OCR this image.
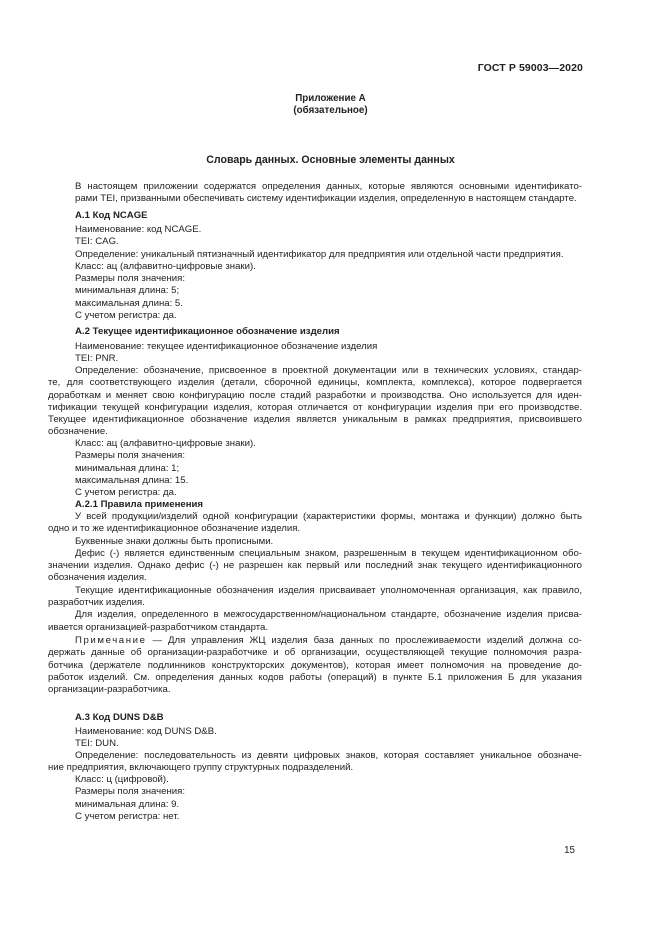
ГОСТ Р 59003—2020
Приложение А
(обязательное)
Словарь данных. Основные элементы данных
В настоящем приложении содержатся определения данных, которые являются основными идентификато-
рами TEI, призванными обеспечивать систему идентификации изделия, определенную в настоящем стандарте.
А.1 Код NCAGE
Наименование: код NCAGE.
TEI: CAG.
Определение: уникальный пятизначный идентификатор для предприятия или отдельной части предприятия.
Класс: ац (алфавитно-цифровые знаки).
Размеры поля значения:
минимальная длина: 5;
максимальная длина: 5.
С учетом регистра: да.
А.2 Текущее идентификационное обозначение изделия
Наименование: текущее идентификационное обозначение изделия
TEI: PNR.
Определение: обозначение, присвоенное в проектной документации или в технических условиях, стандар-
те, для соответствующего изделия (детали, сборочной единицы, комплекта, комплекса), которое подвергается
доработкам и меняет свою конфигурацию после стадий разработки и производства. Оно используется для иден-
тификации текущей конфигурации изделия, которая отличается от конфигурации изделия при его производстве.
Текущее идентификационное обозначение изделия является уникальным в рамках предприятия, присвоившего
обозначение.
Класс: ац (алфавитно-цифровые знаки).
Размеры поля значения:
минимальная длина: 1;
максимальная длина: 15.
С учетом регистра: да.
А.2.1 Правила применения
У всей продукции/изделий одной конфигурации (характеристики формы, монтажа и функции) должно быть
одно и то же идентификационное обозначение изделия.
Буквенные знаки должны быть прописными.
Дефис (-) является единственным специальным знаком, разрешенным в текущем идентификационном обо-
значении изделия. Однако дефис (-) не разрешен как первый или последний знак текущего идентификационного
обозначения изделия.
Текущие идентификационные обозначения изделия присваивает уполномоченная организация, как правило,
разработчик изделия.
Для изделия, определенного в межгосударственном/национальном стандарте, обозначение изделия присва-
ивается организацией-разработчиком стандарта.
Примечание — Для управления ЖЦ изделия база данных по прослеживаемости изделий должна со-
держать данные об организации-разработчике и об организации, осуществляющей текущие полномочия разра-
ботчика (держателе подлинников конструкторских документов), которая имеет полномочия на проведение до-
работок изделий. См. определения данных кодов работы (операций) в пункте Б.1 приложения Б для указания
организации-разработчика.
А.3 Код DUNS D&B
Наименование: код DUNS D&B.
TEI: DUN.
Определение: последовательность из девяти цифровых знаков, которая составляет уникальное обозначе-
ние предприятия, включающего группу структурных подразделений.
Класс: ц (цифровой).
Размеры поля значения:
минимальная длина: 9.
С учетом регистра: нет.
15
